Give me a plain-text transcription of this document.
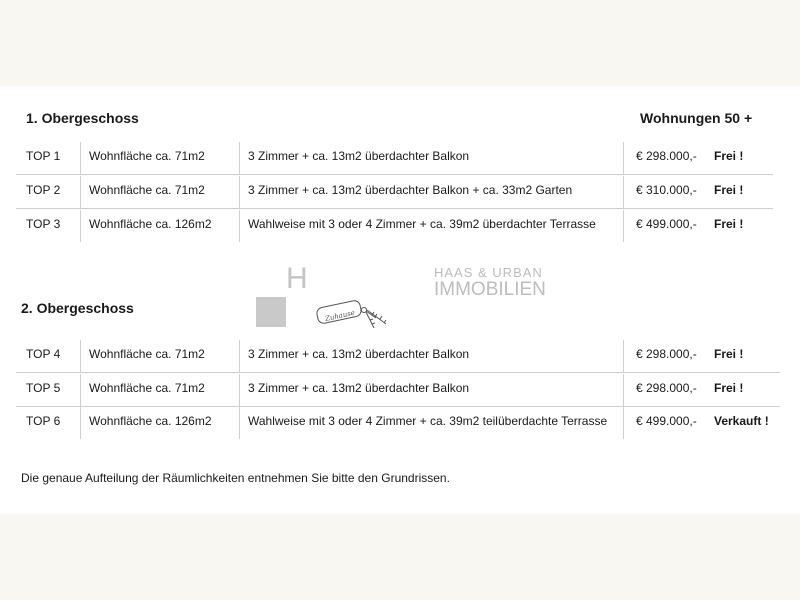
1. Obergeschoss	Wohnungen 50 +
TOP 1	Wohnfläche ca. 71m2	3 Zimmer + ca. 13m2 überdachter Balkon	€ 298.000,- Frei !
TOP 2	Wohnfläche ca. 71m2	3 Zimmer + ca. 13m2 überdachter Balkon + ca. 33m2 Garten	€ 310.000,- Frei !
TOP 3	Wohnfläche ca. 126m2	Wahlweise mit 3 oder 4 Zimmer + ca. 39m2 überdachter Terrasse	€ 499.000,- Frei !
H
Zuhause
HAAS & URBAN
IMMOBILIEN
2. Obergeschoss
TOP 4	Wohnfläche ca. 71m2	3 Zimmer + ca. 13m2 überdachter Balkon	€ 298.000,- Frei !
TOP 5	Wohnfläche ca. 71m2	3 Zimmer + ca. 13m2 überdachter Balkon	€ 298.000,- Frei !
TOP 6	Wohnfläche ca. 126m2	Wahlweise mit 3 oder 4 Zimmer + ca. 39m2 teilüberdachte Terrasse	€ 499.000,- Verkauft !

Die genaue Aufteilung der Räumlichkeiten entnehmen Sie bitte den Grundrissen.
